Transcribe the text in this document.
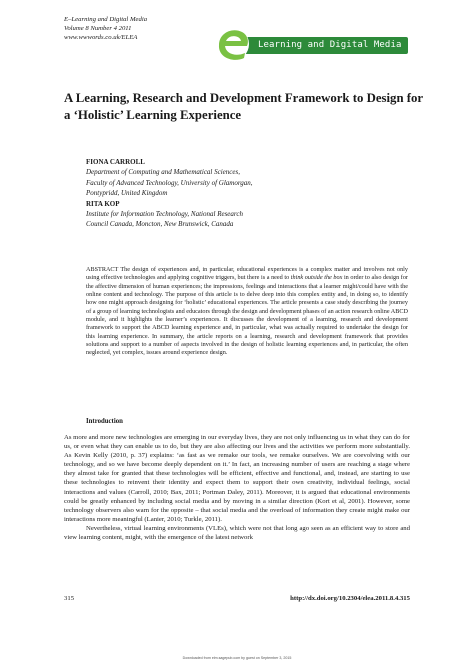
E–Learning and Digital Media
Volume 8 Number 4 2011
www.wwwords.co.uk/ELEA
Learning and Digital Media
A Learning, Research and Development Framework to Design for a ‘Holistic’ Learning Experience
FIONA CARROLL
Department of Computing and Mathematical Sciences,
Faculty of Advanced Technology, University of Glamorgan,
Pontypridd, United Kingdom
RITA KOP
Institute for Information Technology, National Research
Council Canada, Moncton, New Brunswick, Canada
ABSTRACT The design of experiences and, in particular, educational experiences is a complex matter and involves not only using effective technologies and applying cognitive triggers, but there is a need to think outside the box in order to also design for the affective dimension of human experiences; the impressions, feelings and interactions that a learner might/could have with the online content and technology. The purpose of this article is to delve deep into this complex entity and, in doing so, to identify how one might approach designing for ‘holistic’ educational experiences. The article presents a case study describing the journey of a group of learning technologists and educators through the design and development phases of an action research online ABCD module, and it highlights the learner’s experiences. It discusses the development of a learning, research and development framework to support the ABCD learning experience and, in particular, what was actually required to undertake the design for this learning experience. In summary, the article reports on a learning, research and development framework that provides solutions and support to a number of aspects involved in the design of holistic learning experiences and, in particular, the often neglected, yet complex, issues around experience design.
Introduction

As more and more new technologies are emerging in our everyday lives, they are not only influencing us in what they can do for us, or even what they can enable us to do, but they are also affecting our lives and the activities we perform more substantially. As Kevin Kelly (2010, p. 37) explains: ‘as fast as we remake our tools, we remake ourselves. We are coevolving with our technology, and so we have become deeply dependent on it.’ In fact, an increasing number of users are reaching a stage where they almost take for granted that these technologies will be efficient, effective and functional, and, instead, are starting to use these technologies to reinvent their identity and expect them to support their own creativity, individual feelings, social interactions and values (Carroll, 2010; Bax, 2011; Portman Daley, 2011). Moreover, it is argued that educational environments could be greatly enhanced by including social media and by moving in a similar direction (Kort et al, 2001). However, some technology observers also warn for the opposite – that social media and the overload of information they create might make our interactions more meaningful (Lanier, 2010; Turkle, 2011).

Nevertheless, virtual learning environments (VLEs), which were not that long ago seen as an efficient way to store and view learning content, might, with the emergence of the latest network

315	http://dx.doi.org/10.2304/elea.2011.8.4.315
Downloaded from elm.sagepub.com by guest on September 3, 2015
